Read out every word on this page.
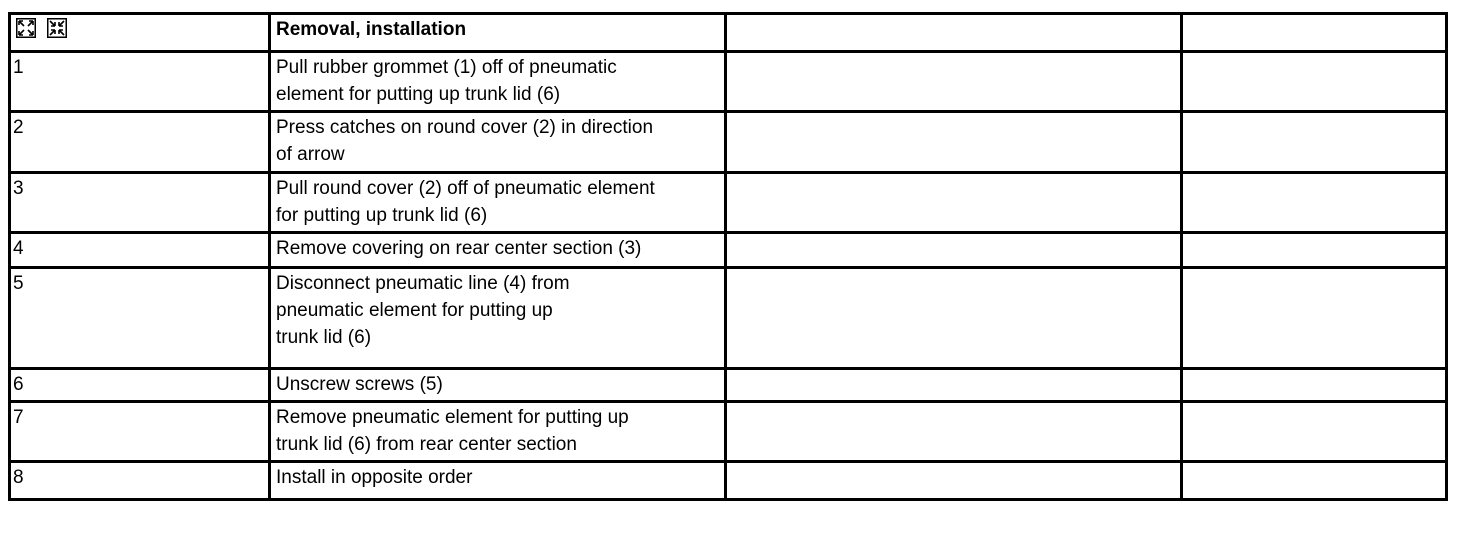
	Removal, installation		
1	Pull rubber grommet (1) off of pneumatic
element for putting up trunk lid (6)		

2	Press catches on round cover (2) in direction
of arrow		

3	Pull round cover (2) off of pneumatic element
for putting up trunk lid (6)		

4	Remove covering on rear center section (3)		

5	Disconnect pneumatic line (4) from
pneumatic element for putting up
trunk lid (6)		

6	Unscrew screws (5)		

7	Remove pneumatic element for putting up
trunk lid (6) from rear center section		

8	Install in opposite order		
